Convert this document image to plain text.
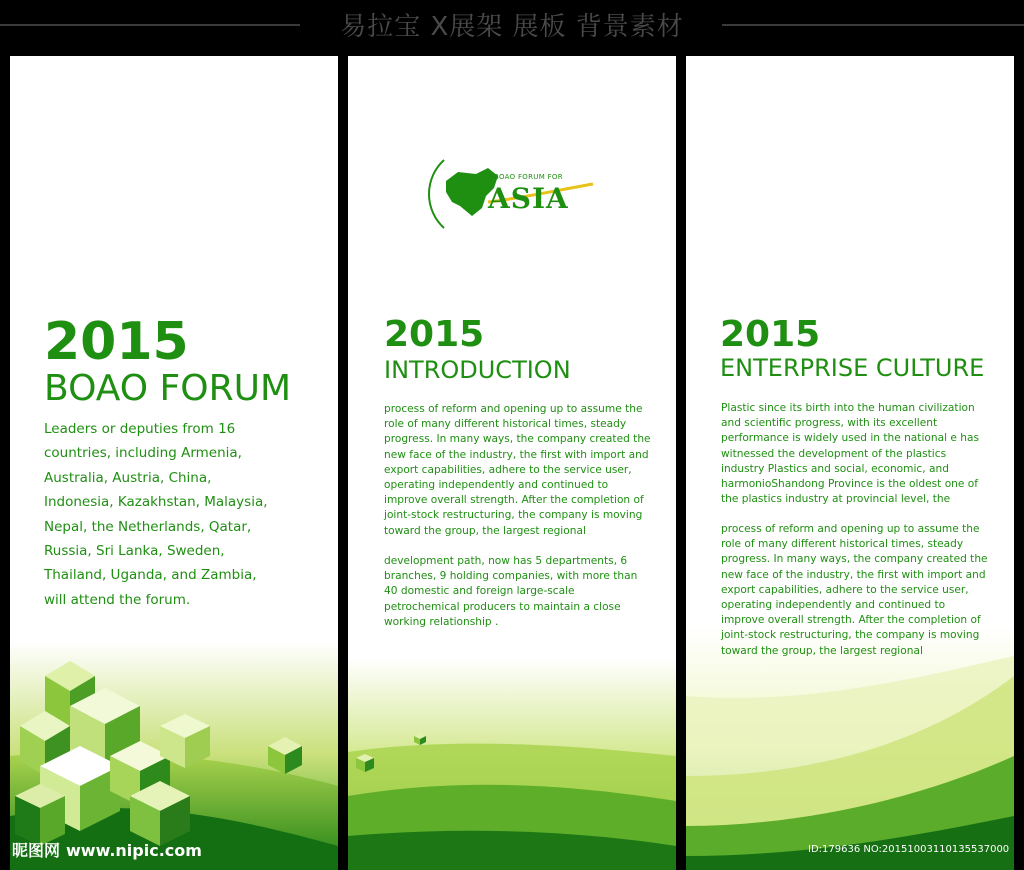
易拉宝 X展架 展板 背景素材
2015
BOAO FORUM
Leaders or deputies from 16
countries, including Armenia,
Australia, Austria, China,
Indonesia, Kazakhstan, Malaysia,
Nepal, the Netherlands, Qatar,
Russia, Sri Lanka, Sweden,
Thailand, Uganda, and Zambia,
will attend the forum.
昵图网 www.nipic.com
BOAO FORUM FOR
ASIA
2015
INTRODUCTION
process of reform and opening up to assume the
role of many different historical times, steady
progress. In many ways, the company created the
new face of the industry, the first with import and
export capabilities, adhere to the service user,
operating independently and continued to
improve overall strength. After the completion of
joint-stock restructuring, the company is moving
toward the group, the largest regional
development path, now has 5 departments, 6
branches, 9 holding companies, with more than
40 domestic and foreign large-scale
petrochemical producers to maintain a close
working relationship .
2015
ENTERPRISE CULTURE
Plastic since its birth into the human civilization
and scientific progress, with its excellent
performance is widely used in the national e has
witnessed the development of the plastics
industry Plastics and social, economic, and
harmonioShandong Province is the oldest one of
the plastics industry at provincial level, the
process of reform and opening up to assume the
role of many different historical times, steady
progress. In many ways, the company created the
new face of the industry, the first with import and
export capabilities, adhere to the service user,
operating independently and continued to
improve overall strength. After the completion of
joint-stock restructuring, the company is moving
toward the group, the largest regional
ID:179636 NO:20151003110135537000
